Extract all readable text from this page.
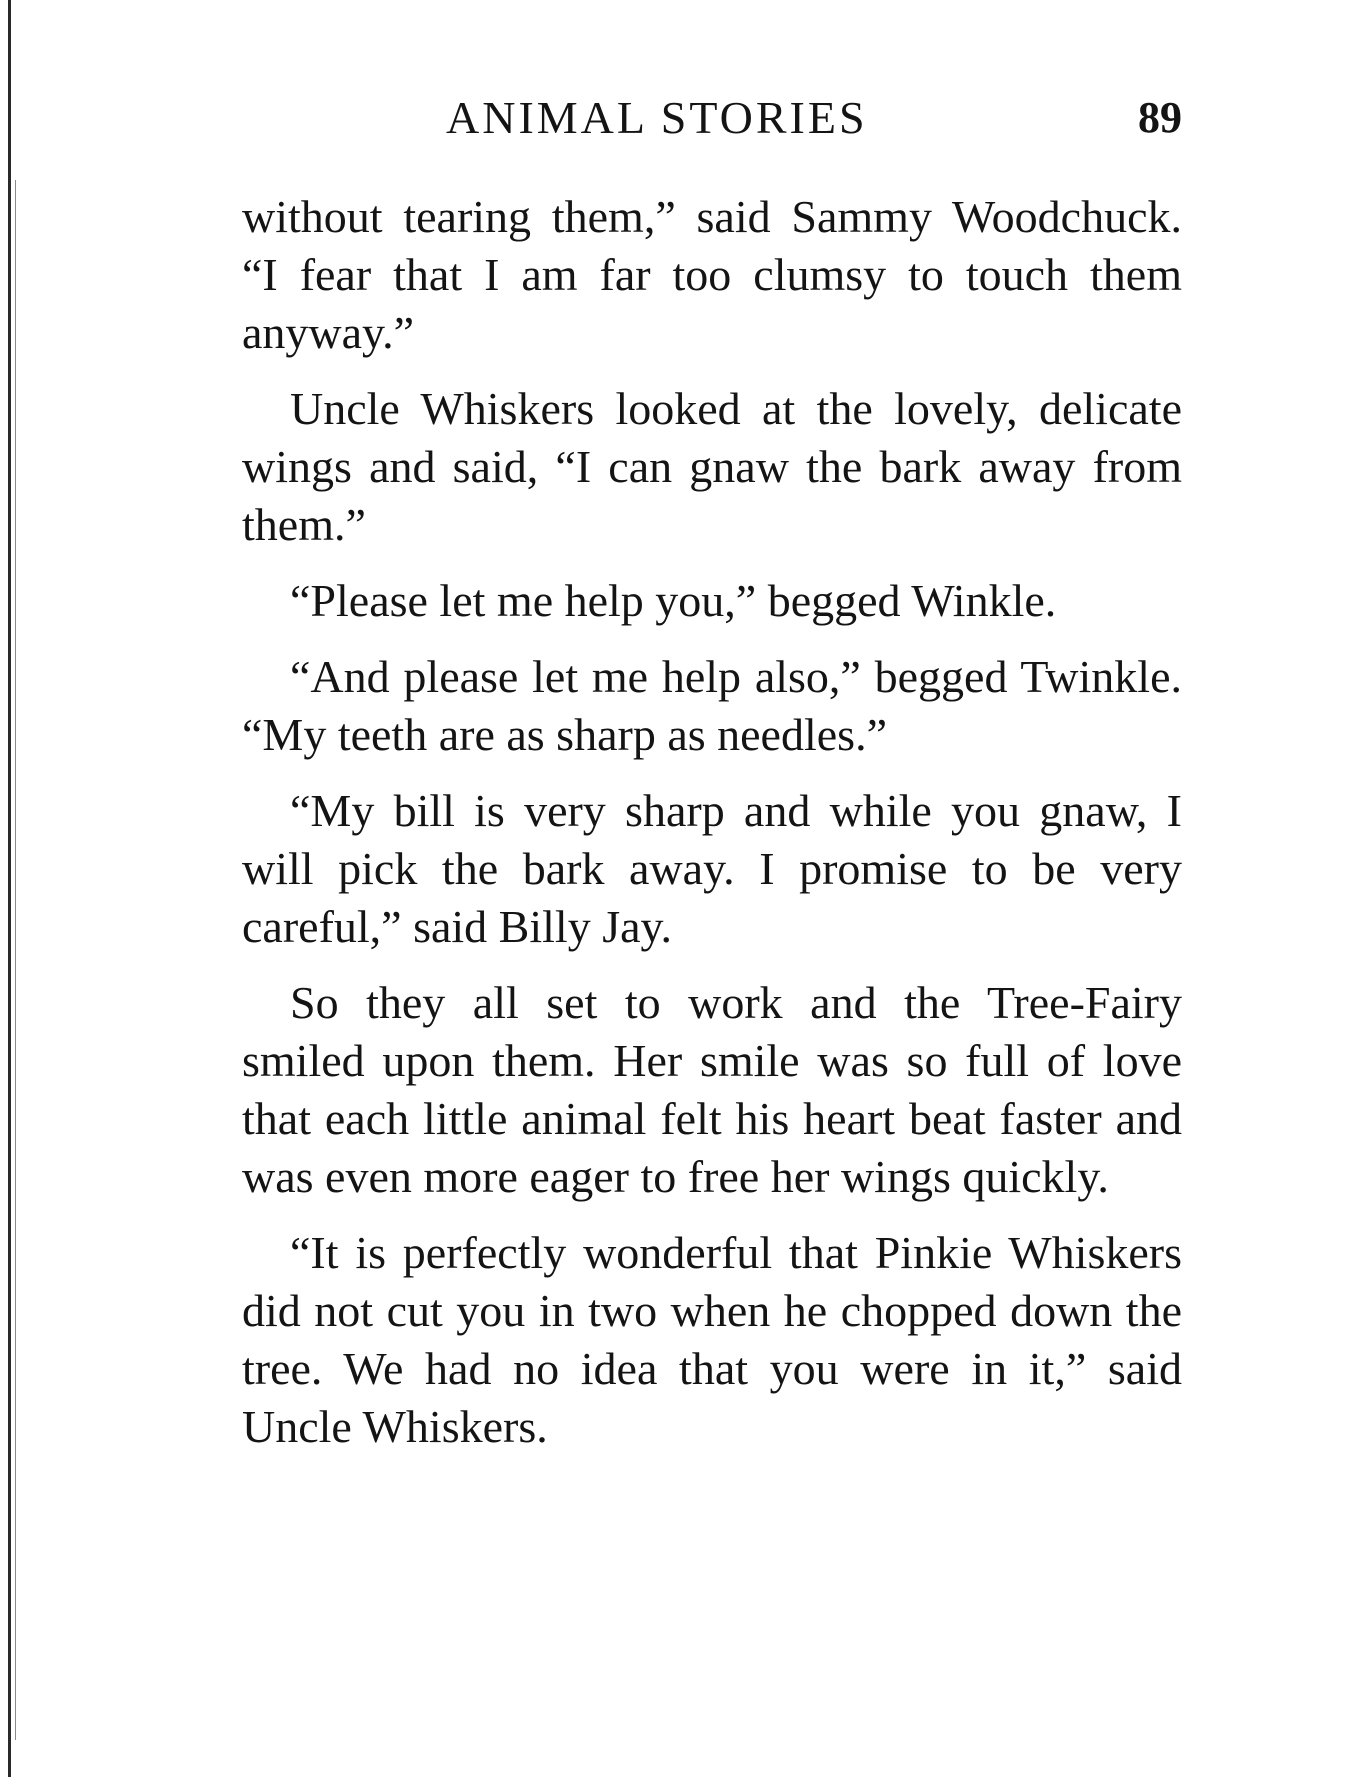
ANIMAL STORIES	89

without tearing them,” said Sammy Woodchuck. “I fear that I am far too clumsy to touch them anyway.”

Uncle Whiskers looked at the lovely, delicate wings and said, “I can gnaw the bark away from them.”

“Please let me help you,” begged Winkle.

“And please let me help also,” begged Twinkle. “My teeth are as sharp as needles.”

“My bill is very sharp and while you gnaw, I will pick the bark away. I promise to be very careful,” said Billy Jay.

So they all set to work and the Tree-Fairy smiled upon them. Her smile was so full of love that each little animal felt his heart beat faster and was even more eager to free her wings quickly.

“It is perfectly wonderful that Pinkie Whiskers did not cut you in two when he chopped down the tree. We had no idea that you were in it,” said Uncle Whiskers.
